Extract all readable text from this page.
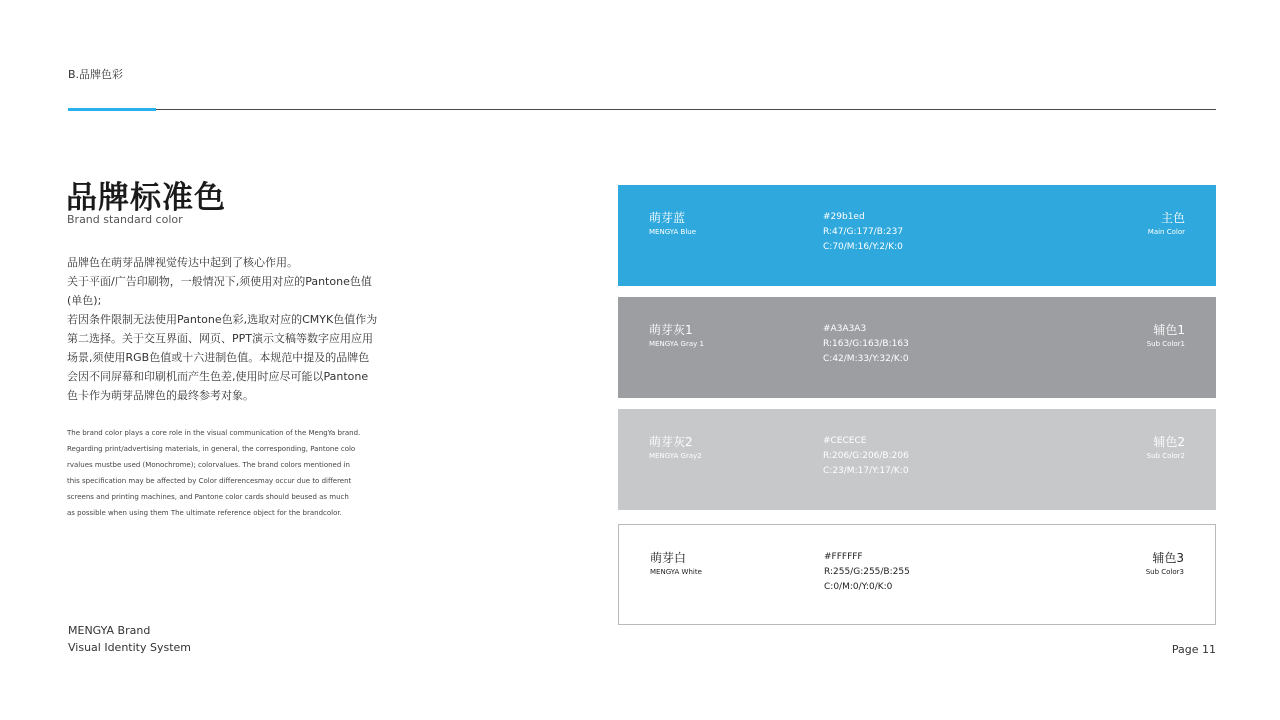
B.品牌色彩
品牌标准色
Brand standard color
品牌色在萌芽品牌视觉传达中起到了核心作用。
关于平面/广告印刷物，一般情况下,须使用对应的Pantone色值
(单色);
若因条件限制无法使用Pantone色彩,选取对应的CMYK色值作为
第二选择。关于交互界面、网页、PPT演示文稿等数字应用应用
场景,须使用RGB色值或十六进制色值。本规范中提及的品牌色
会因不同屏幕和印刷机而产生色差,使用时应尽可能以Pantone
色卡作为萌芽品牌色的最终参考对象。
The brand color plays a core role in the visual communication of the MengYa brand.
Regarding print/advertising materials, in general, the corresponding, Pantone colo
rvalues mustbe used (Monochrome); colorvalues. The brand colors mentioned in
this specification may be affected by Color differencesmay occur due to different
screens and printing machines, and Pantone color cards should beused as much
as possible when using them The ultimate reference object for the brandcolor.
萌芽蓝
MENGYA Blue
#29b1ed
R:47/G:177/B:237
C:70/M:16/Y:2/K:0
主色
Main Color
萌芽灰1
MENGYA Gray 1
#A3A3A3
R:163/G:163/B:163
C:42/M:33/Y:32/K:0
辅色1
Sub Color1
萌芽灰2
MENGYA Gray2
#CECECE
R:206/G:206/B:206
C:23/M:17/Y:17/K:0
辅色2
Sub Color2
萌芽白
MENGYA White
#FFFFFF
R:255/G:255/B:255
C:0/M:0/Y:0/K:0
辅色3
Sub Color3
MENGYA Brand
Visual Identity System	Page 11
